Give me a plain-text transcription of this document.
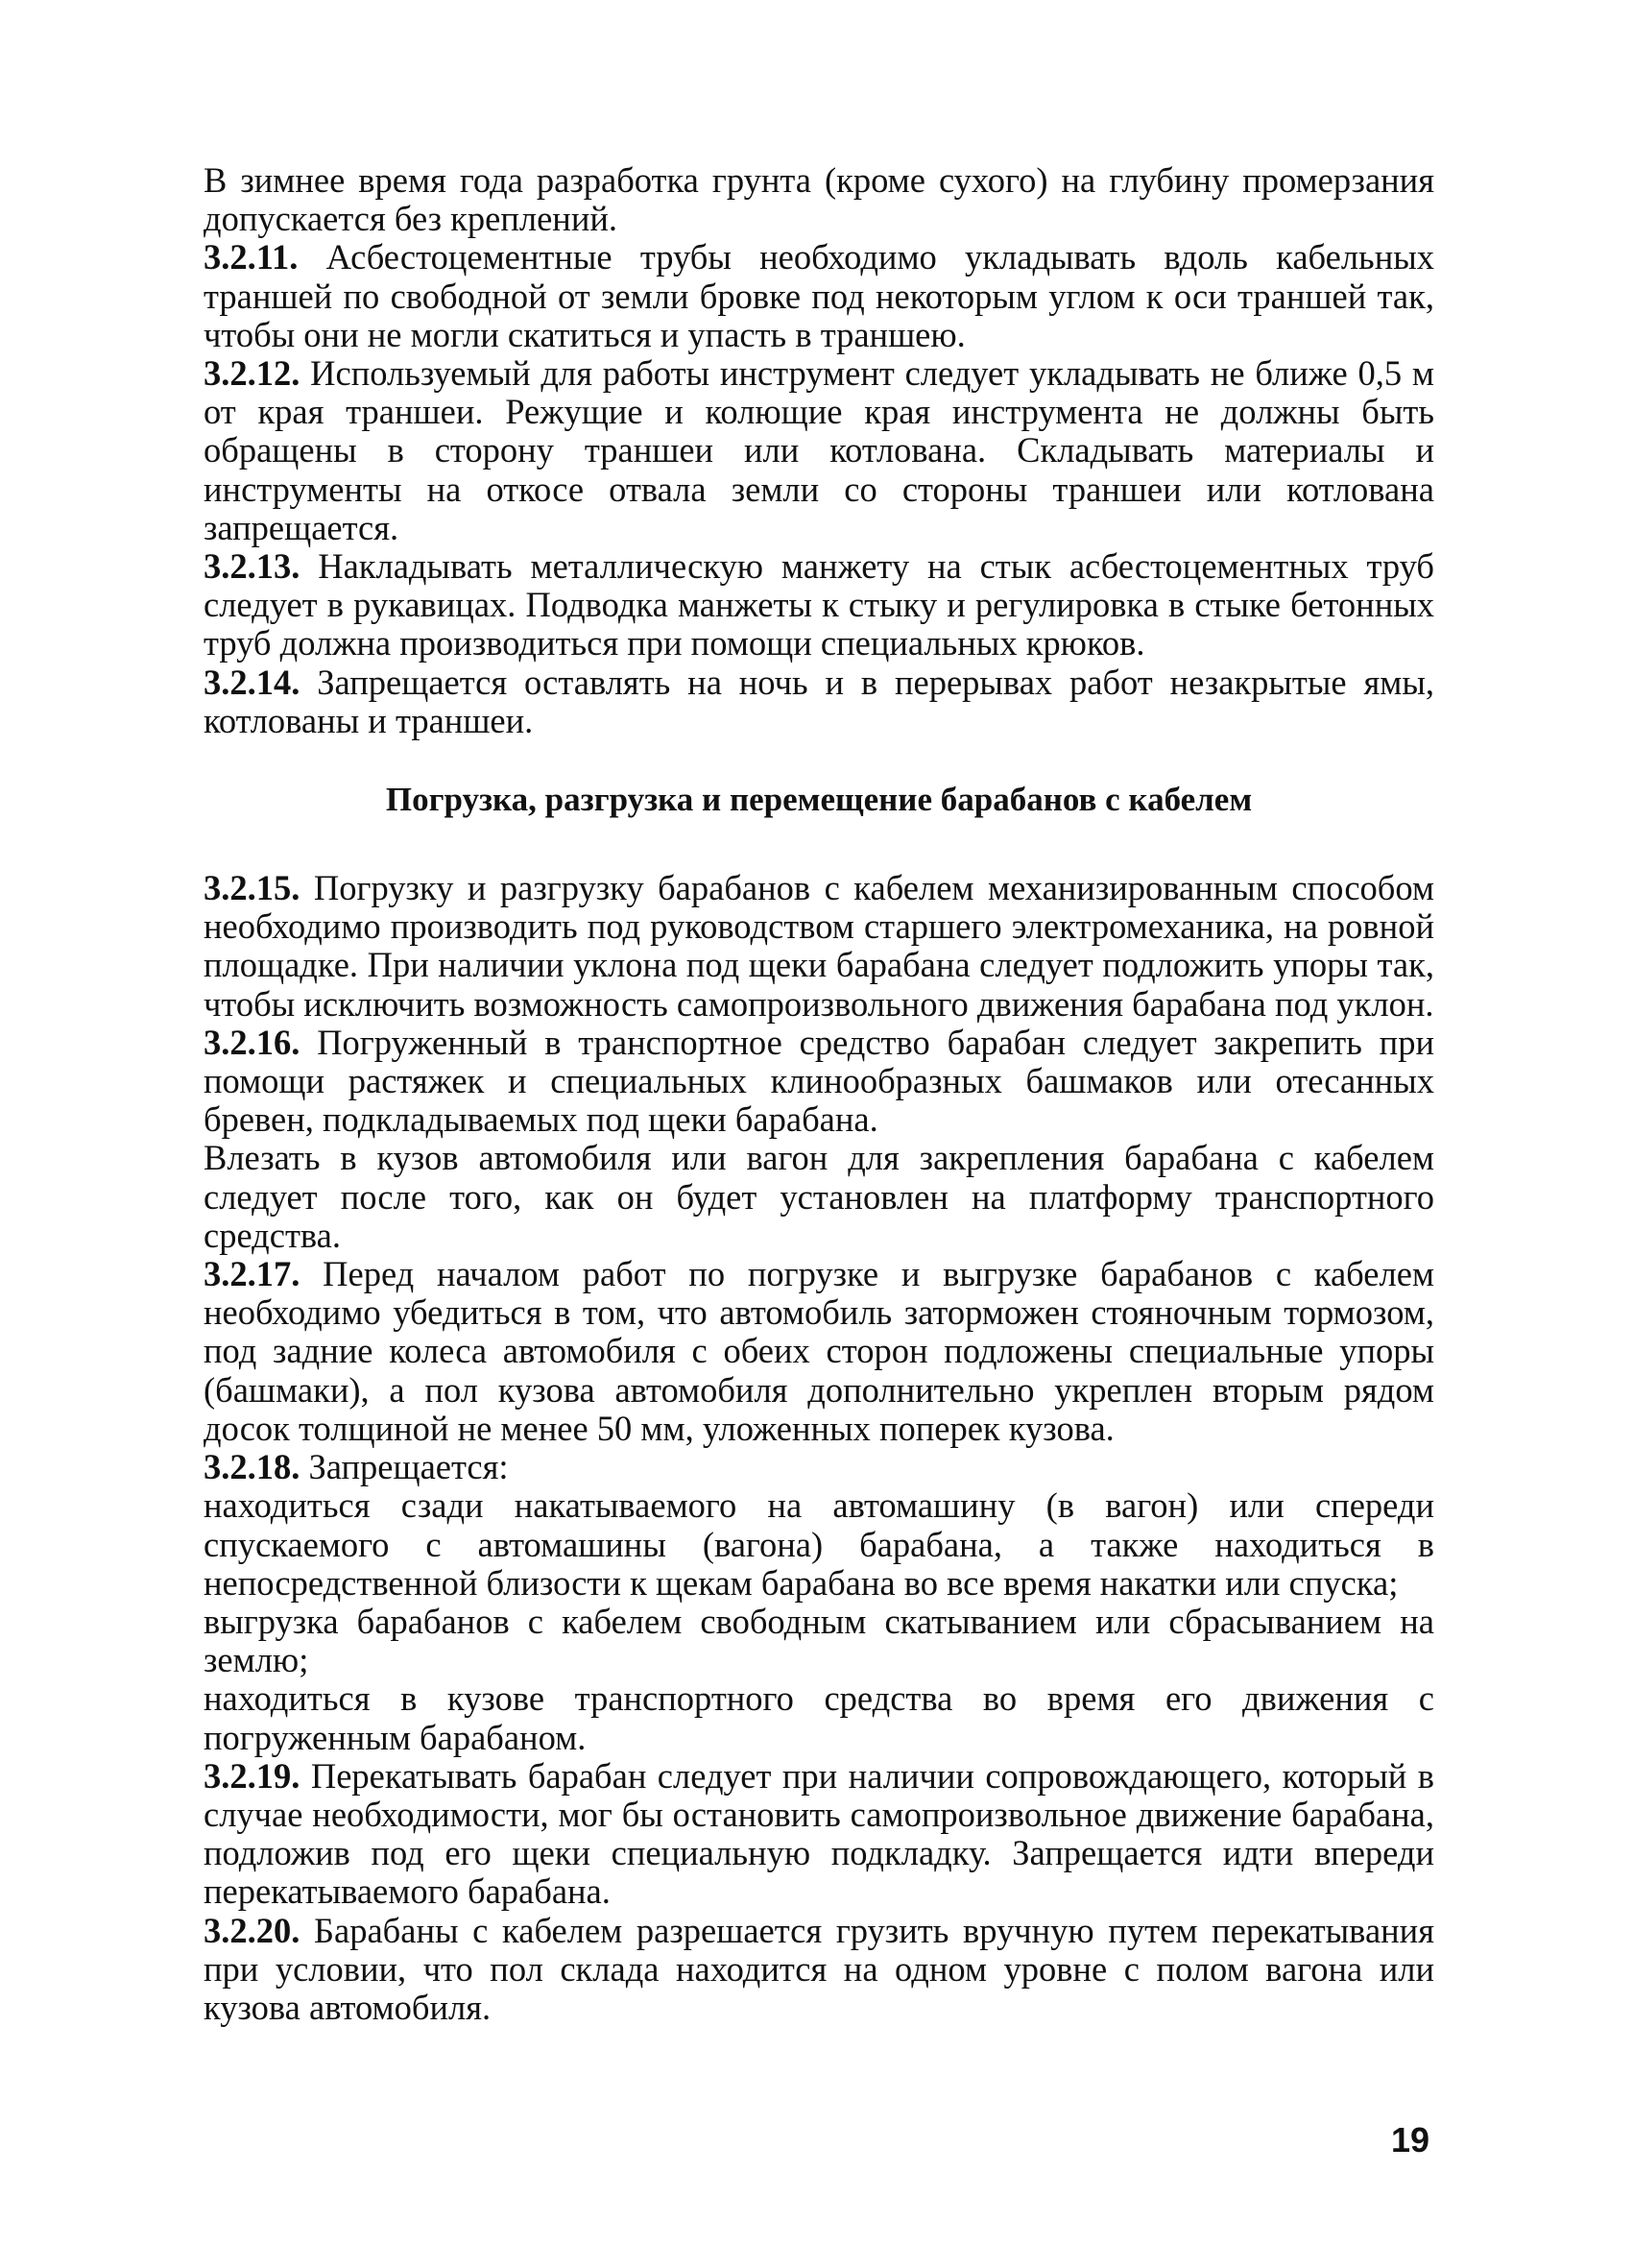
В зимнее время года разработка грунта (кроме сухого) на глубину промерзания допускается без креплений.

3.2.11. Асбестоцементные трубы необходимо укладывать вдоль кабельных траншей по свободной от земли бровке под некоторым углом к оси траншей так, чтобы они не могли скатиться и упасть в траншею.

3.2.12. Используемый для работы инструмент следует укладывать не ближе 0,5 м от края траншеи. Режущие и колющие края инструмента не должны быть обращены в сторону траншеи или котлована. Складывать материалы и инструменты на откосе отвала земли со стороны траншеи или котлована запрещается.

3.2.13. Накладывать металлическую манжету на стык асбестоцементных труб следует в рукавицах. Подводка манжеты к стыку и регулировка в стыке бетонных труб должна производиться при помощи специальных крюков.

3.2.14. Запрещается оставлять на ночь и в перерывах работ незакрытые ямы, котлованы и траншеи.

Погрузка, разгрузка и перемещение барабанов с кабелем

3.2.15. Погрузку и разгрузку барабанов с кабелем механизированным способом необходимо производить под руководством старшего электромеханика, на ровной площадке. При наличии уклона под щеки барабана следует подложить упоры так, чтобы исключить возможность самопроизвольного движения барабана под уклон.

3.2.16. Погруженный в транспортное средство барабан следует закрепить при помощи растяжек и специальных клинообразных башмаков или отесанных бревен, подкладываемых под щеки барабана.

Влезать в кузов автомобиля или вагон для закрепления барабана с кабелем следует после того, как он будет установлен на платформу транспортного средства.

3.2.17. Перед началом работ по погрузке и выгрузке барабанов с кабелем необходимо убедиться в том, что автомобиль заторможен стояночным тормозом, под задние колеса автомобиля с обеих сторон подложены специальные упоры (башмаки), а пол кузова автомобиля дополнительно укреплен вторым рядом досок толщиной не менее 50 мм, уложенных поперек кузова.

3.2.18. Запрещается:

находиться сзади накатываемого на автомашину (в вагон) или спереди спускаемого с автомашины (вагона) барабана, а также находиться в непосредственной близости к щекам барабана во все время накатки или спуска;

выгрузка барабанов с кабелем свободным скатыванием или сбрасыванием на землю;

находиться в кузове транспортного средства во время его движения с погруженным барабаном.

3.2.19. Перекатывать барабан следует при наличии сопровождающего, который в случае необходимости, мог бы остановить самопроизвольное движение барабана, подложив под его щеки специальную подкладку. Запрещается идти впереди перекатываемого барабана.

3.2.20. Барабаны с кабелем разрешается грузить вручную путем перекатывания при условии, что пол склада находится на одном уровне с полом вагона или кузова автомобиля.

19
